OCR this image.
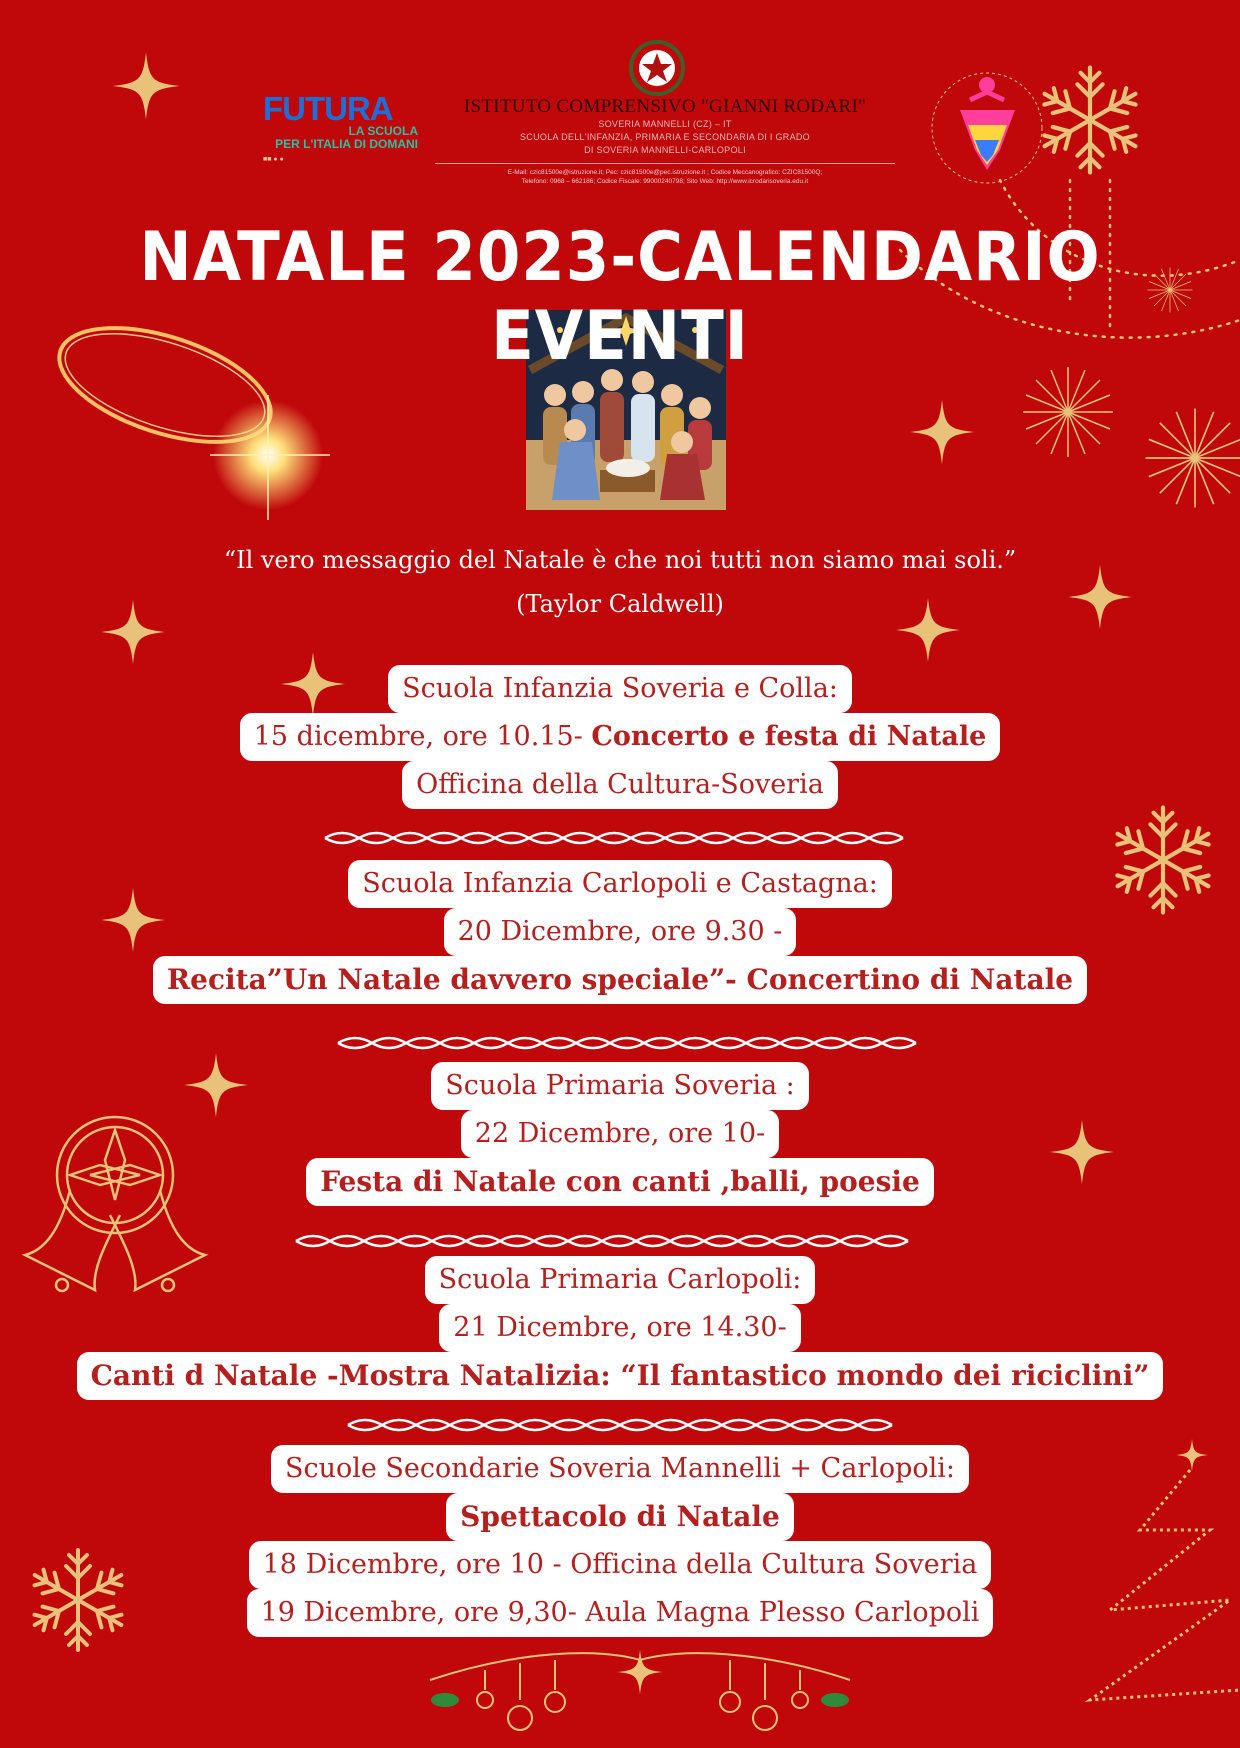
FUTURA
LA SCUOLA
PER L'ITALIA DI DOMANI
■■ ● ●
ISTITUTO COMPRENSIVO "GIANNI RODARI"
SOVERIA MANNELLI (CZ) – IT
SCUOLA DELL'INFANZIA, PRIMARIA E SECONDARIA DI I GRADO
DI SOVERIA MANNELLI-CARLOPOLI
E-Mail: czic81500e@istruzione.it; Pec: czic81500e@pec.istruzione.it ; Codice Meccanografico: CZIC81500Q;
Telefono: 0968 – 662186; Codice Fiscale: 99000240798; Sito Web: http://www.icrodarisoveria.edu.it
NATALE 2023-CALENDARIO EVENTI
“Il vero messaggio del Natale è che noi tutti non siamo mai soli.”
(Taylor Caldwell)
Scuola Infanzia Soveria e Colla:
15 dicembre, ore 10.15- Concerto e festa di Natale
Officina della Cultura-Soveria
Scuola Infanzia Carlopoli e Castagna:
20 Dicembre, ore 9.30 -
Recita”Un Natale davvero speciale”- Concertino di Natale
Scuola Primaria Soveria :
22 Dicembre, ore 10-
Festa di Natale con canti ,balli, poesie
Scuola Primaria Carlopoli:
21 Dicembre, ore 14.30-
Canti d Natale -Mostra Natalizia: “Il fantastico mondo dei riciclini”
Scuole Secondarie Soveria Mannelli + Carlopoli:
Spettacolo di Natale
18 Dicembre, ore 10 - Officina della Cultura Soveria
19 Dicembre, ore 9,30- Aula Magna Plesso Carlopoli
